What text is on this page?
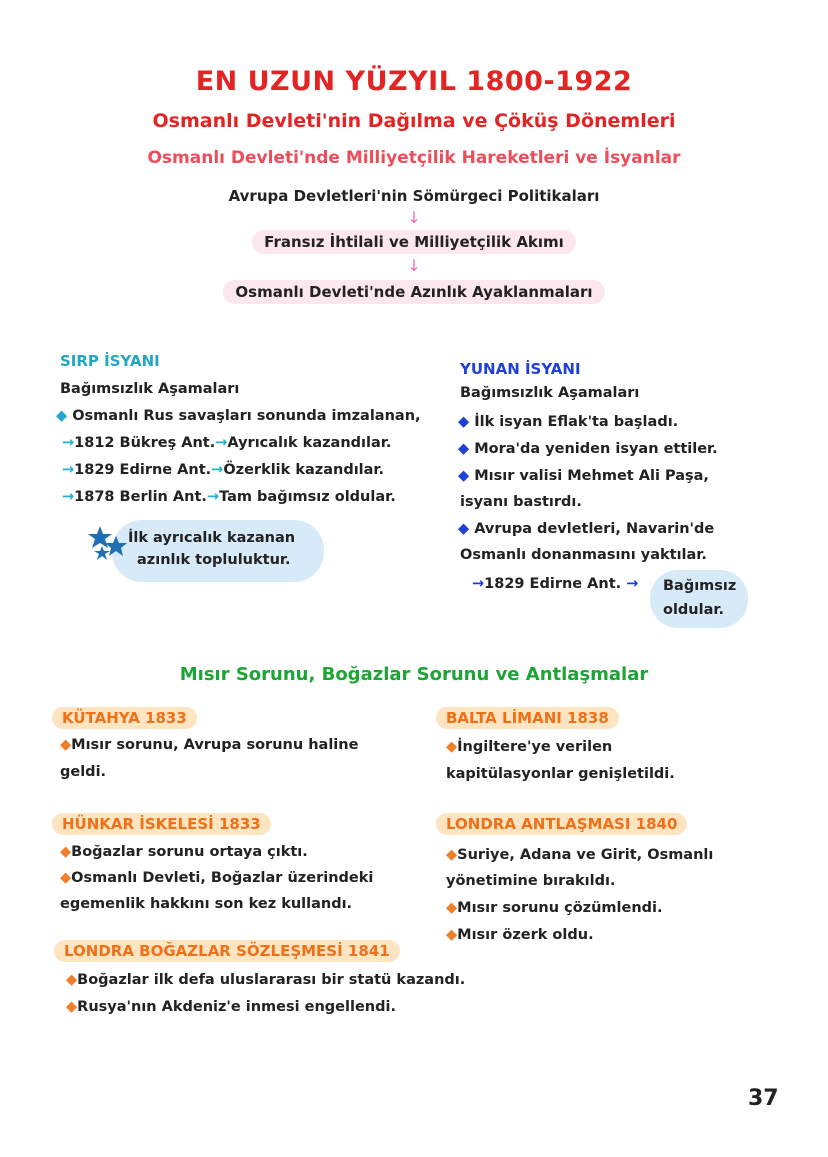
EN UZUN YÜZYIL 1800-1922
Osmanlı Devleti'nin Dağılma ve Çöküş Dönemleri
Osmanlı Devleti'nde Milliyetçilik Hareketleri ve İsyanlar
Avrupa Devletleri'nin Sömürgeci Politikaları
↓
Fransız İhtilali ve Milliyetçilik Akımı
↓
Osmanlı Devleti'nde Azınlık Ayaklanmaları
SIRP İSYANI
Bağımsızlık Aşamaları
◆ Osmanlı Rus savaşları sonunda imzalanan,
→1812 Bükreş Ant.→Ayrıcalık kazandılar.
→1829 Edirne Ant.→Özerklik kazandılar.
→1878 Berlin Ant.→Tam bağımsız oldular.
İlk ayrıcalık kazanan
azınlık topluluktur.
YUNAN İSYANI
Bağımsızlık Aşamaları
◆ İlk isyan Eflak'ta başladı.
◆ Mora'da yeniden isyan ettiler.
◆ Mısır valisi Mehmet Ali Paşa,
isyanı bastırdı.
◆ Avrupa devletleri, Navarin'de
Osmanlı donanmasını yaktılar.
→1829 Edirne Ant. → Bağımsız
oldular.
Mısır Sorunu, Boğazlar Sorunu ve Antlaşmalar
KÜTAHYA 1833
◆Mısır sorunu, Avrupa sorunu haline
geldi.
BALTA LİMANI 1838
◆İngiltere'ye verilen
kapitülasyonlar genişletildi.
HÜNKAR İSKELESİ 1833
◆Boğazlar sorunu ortaya çıktı.
◆Osmanlı Devleti, Boğazlar üzerindeki
egemenlik hakkını son kez kullandı.
LONDRA ANTLAŞMASI 1840
◆Suriye, Adana ve Girit, Osmanlı
yönetimine bırakıldı.
◆Mısır sorunu çözümlendi.
◆Mısır özerk oldu.
LONDRA BOĞAZLAR SÖZLEŞMESİ 1841
◆Boğazlar ilk defa uluslararası bir statü kazandı.
◆Rusya'nın Akdeniz'e inmesi engellendi.
37
